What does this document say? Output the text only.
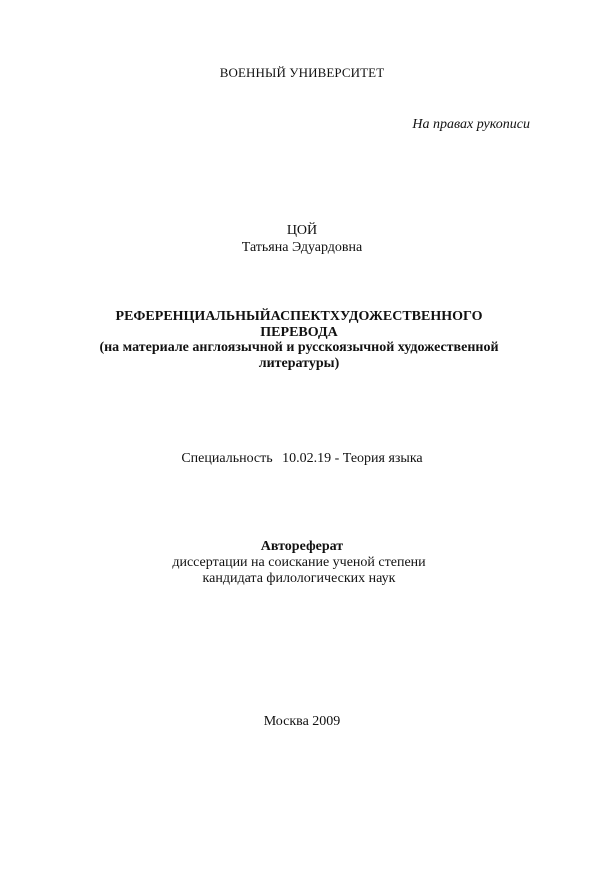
ВОЕННЫЙ УНИВЕРСИТЕТ
На правах рукописи
ЦОЙ
Татьяна Эдуардовна
РЕФЕРЕНЦИАЛЬНЫЙАСПЕКТХУДОЖЕСТВЕННОГО
ПЕРЕВОДА
(на материале англоязычной и русскоязычной художественной
литературы)
Специальность 10.02.19 - Теория языка
Автореферат
диссертации на соискание ученой степени
кандидата филологических наук
Москва 2009
